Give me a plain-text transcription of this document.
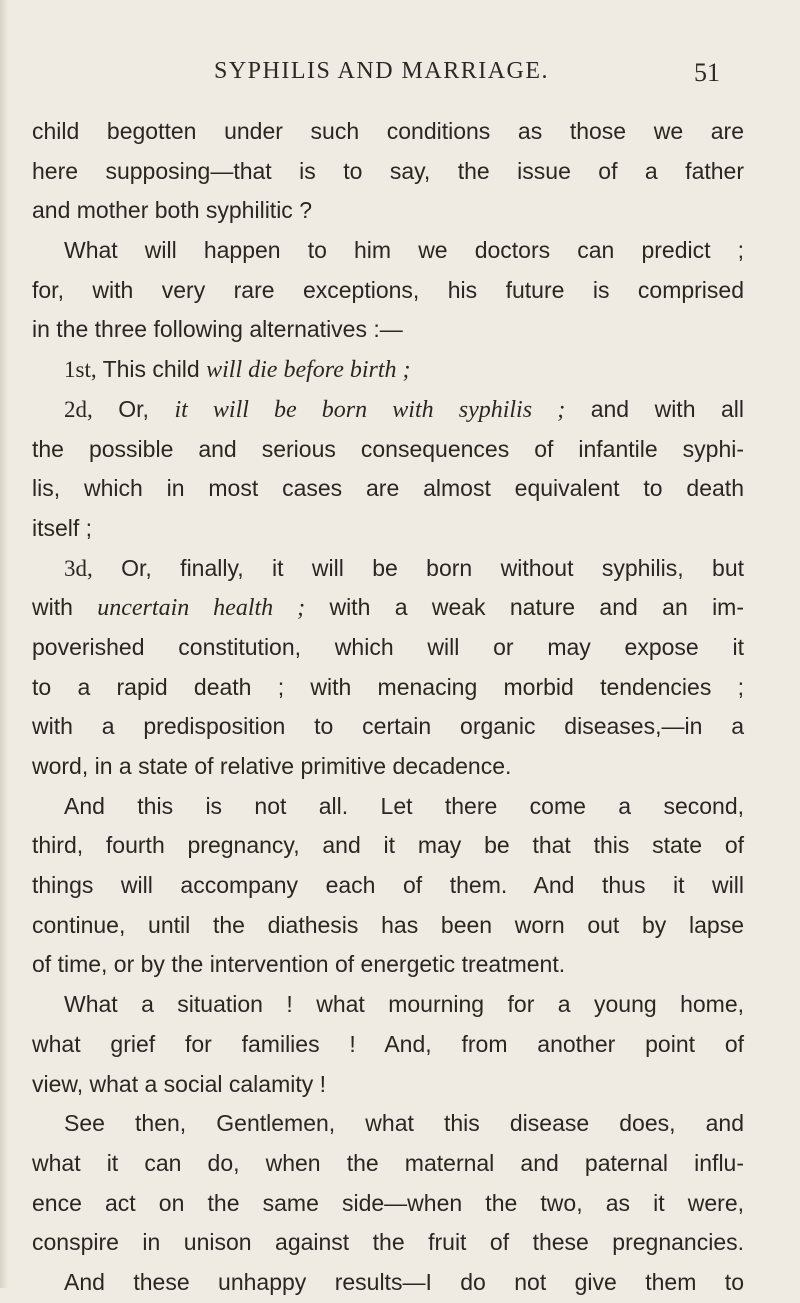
SYPHILIS AND MARRIAGE.	51
child begotten under such conditions as those we are
here supposing—that is to say, the issue of a father
and mother both syphilitic ?
What will happen to him we doctors can predict ;
for, with very rare exceptions, his future is comprised
in the three following alternatives :—
1st, This child will die before birth ;
2d, Or, it will be born with syphilis ; and with all
the possible and serious consequences of infantile syphi-
lis, which in most cases are almost equivalent to death
itself ;
3d, Or, finally, it will be born without syphilis, but
with uncertain health ; with a weak nature and an im-
poverished constitution, which will or may expose it
to a rapid death ; with menacing morbid tendencies ;
with a predisposition to certain organic diseases,—in a
word, in a state of relative primitive decadence.
And this is not all. Let there come a second,
third, fourth pregnancy, and it may be that this state of
things will accompany each of them. And thus it will
continue, until the diathesis has been worn out by lapse
of time, or by the intervention of energetic treatment.
What a situation ! what mourning for a young home,
what grief for families ! And, from another point of
view, what a social calamity !
See then, Gentlemen, what this disease does, and
what it can do, when the maternal and paternal influ-
ence act on the same side—when the two, as it were,
conspire in unison against the fruit of these pregnancies.
And these unhappy results—I do not give them to
